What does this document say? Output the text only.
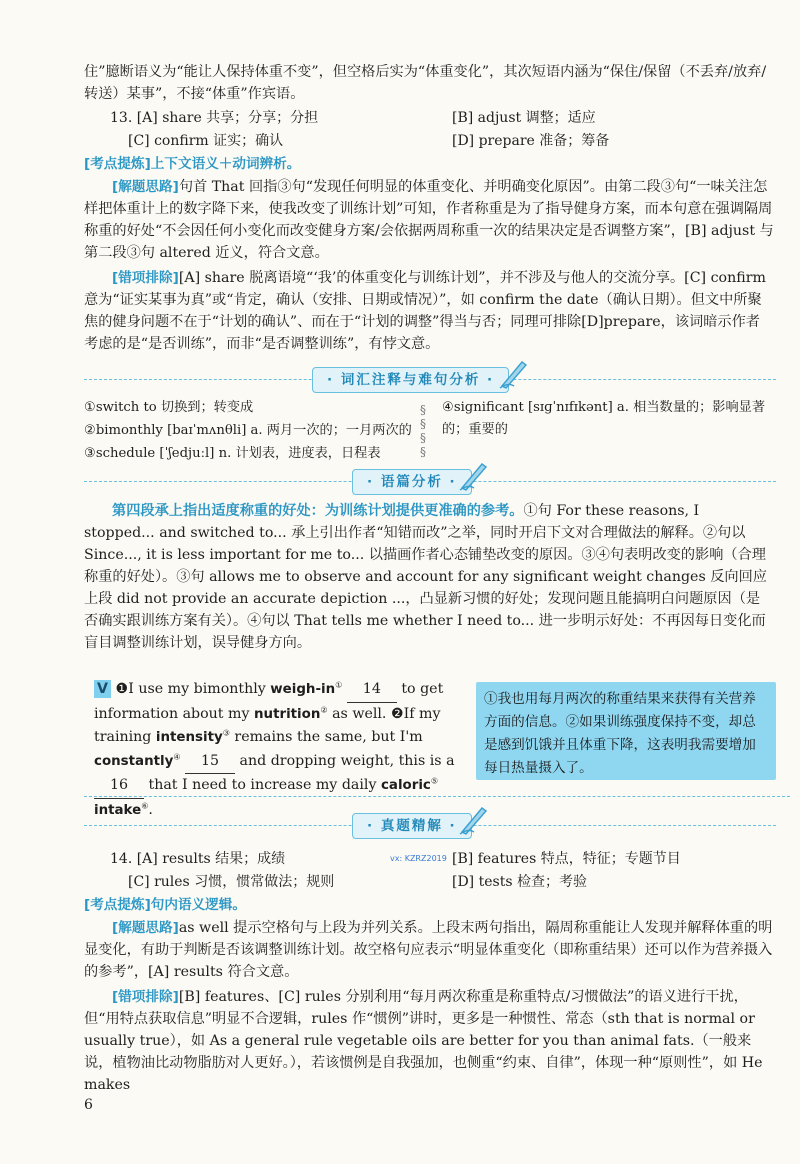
住”臆断语义为“能让人保持体重不变”，但空格后实为“体重变化”，其次短语内涵为“保住/保留（不丢弃/放弃/转送）某事”，不接“体重”作宾语。

13. [A] share 共享；分享；分担	[B] adjust 调整；适应
[C] confirm 证实；确认	[D] prepare 准备；筹备

[考点提炼]上下文语义＋动词辨析。

[解题思路]句首 That 回指③句“发现任何明显的体重变化、并明确变化原因”。由第二段③句“一味关注怎样把体重计上的数字降下来，使我改变了训练计划”可知，作者称重是为了指导健身方案，而本句意在强调隔周称重的好处“不会因任何小变化而改变健身方案/会依据两周称重一次的结果决定是否调整方案”，[B] adjust 与第二段③句 altered 近义，符合文意。

[错项排除][A] share 脱离语境“‘我’的体重变化与训练计划”，并不涉及与他人的交流分享。[C] confirm 意为“证实某事为真”或“肯定，确认（安排、日期或情况）”，如 confirm the date（确认日期）。但文中所聚焦的健身问题不在于“计划的确认”、而在于“计划的调整”得当与否；同理可排除[D]prepare，该词暗示作者考虑的是“是否训练”，而非“是否调整训练”，有悖文意。

· 词汇注释与难句分析 ·
①switch to 切换到；转变成
②bimonthly [baɪˈmʌnθli] a. 两月一次的；一月两次的
③schedule [ˈʃedjuːl] n. 计划表，进度表，日程表
§
§
§
§
④significant [sɪɡˈnɪfɪkənt] a. 相当数量的；影响显著的；重要的
· 语篇分析 ·

第四段承上指出适度称重的好处：为训练计划提供更准确的参考。①句 For these reasons, I stopped... and switched to... 承上引出作者“知错而改”之举，同时开启下文对合理做法的解释。②句以 Since..., it is less important for me to... 以描画作者心态铺垫改变的原因。③④句表明改变的影响（合理称重的好处）。③句 allows me to observe and account for any significant weight changes 反向回应上段 did not provide an accurate depiction ...，凸显新习惯的好处；发现问题且能搞明白问题原因（是否确实跟训练方案有关）。④句以 That tells me whether I need to... 进一步明示好处：不再因每日变化而盲目调整训练计划，误导健身方向。

V ❶I use my bimonthly weigh-in① 14 to get information about my nutrition② as well. ❷If my training intensity③ remains the same, but I'm constantly④ 15 and dropping weight, this is a 16 that I need to increase my daily caloric⑤ intake⑥.
①我也用每月两次的称重结果来获得有关营养方面的信息。②如果训练强度保持不变，却总是感到饥饿并且体重下降，这表明我需要增加每日热量摄入了。
· 真题精解 ·
vx: KZRZ2019
14. [A] results 结果；成绩	[B] features 特点，特征；专题节目
[C] rules 习惯，惯常做法；规则	[D] tests 检查；考验

[考点提炼]句内语义逻辑。

[解题思路]as well 提示空格句与上段为并列关系。上段末两句指出，隔周称重能让人发现并解释体重的明显变化，有助于判断是否该调整训练计划。故空格句应表示“明显体重变化（即称重结果）还可以作为营养摄入的参考”，[A] results 符合文意。

[错项排除][B] features、[C] rules 分别利用“每月两次称重是称重特点/习惯做法”的语义进行干扰，但“用特点获取信息”明显不合逻辑，rules 作“惯例”讲时，更多是一种惯性、常态（sth that is normal or usually true），如 As a general rule vegetable oils are better for you than animal fats.（一般来说，植物油比动物脂肪对人更好。），若该惯例是自我强加，也侧重“约束、自律”，体现一种“原则性”，如 He makes

6
